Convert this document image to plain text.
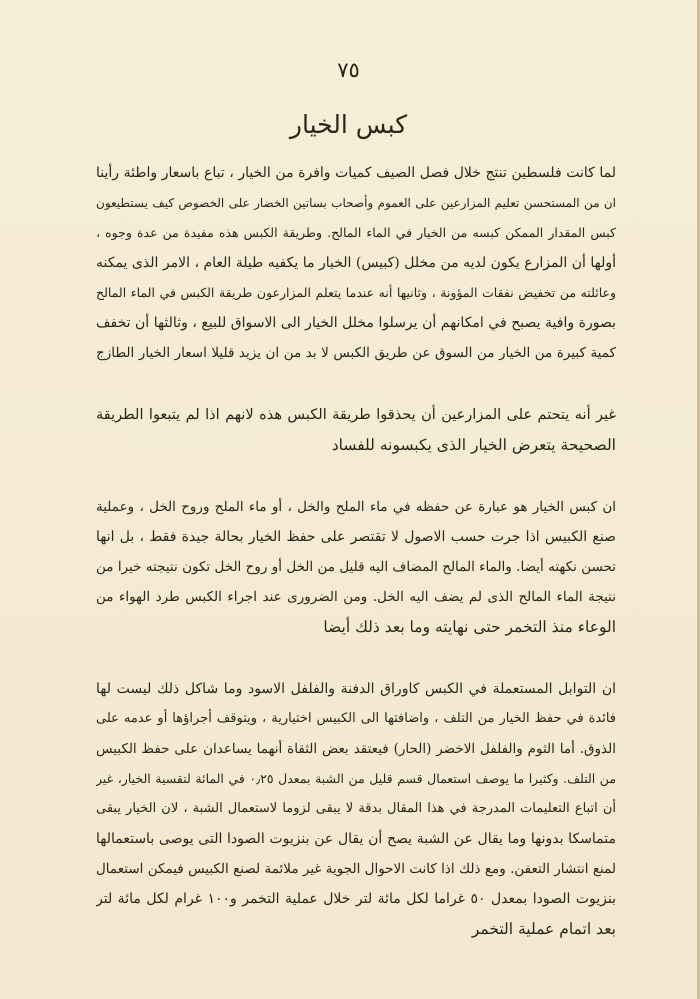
٧٥
كبس الخيار

لما كانت فلسطين تنتج خلال فصل الصيف كميات وافرة من الخيار ، تباع باسعار واطئة رأينا
ان من المستحسن تعليم المزارعين على العموم وأصحاب بساتين الخضار على الخصوص كيف يستطيعون
كبس المقدار الممكن كبسه من الخيار في الماء المالح. وطريقة الكبس هذه مفيدة من عدة وجوه ،
أولها أن المزارع يكون لديه من مخلل (كبيس) الخيار ما يكفيه طيلة العام ، الامر الذى يمكنه
وعائلته من تخفيض نفقات المؤونة ، وثانيها أنه عندما يتعلم المزارعون طريقة الكبس في الماء المالح
بصورة وافية يصبح في امكانهم أن يرسلوا مخلل الخيار الى الاسواق للبيع ، وثالثها أن تخفف
كمية كبيرة من الخيار من السوق عن طريق الكبس لا بد من ان يزيد قليلا اسعار الخيار الطازج

غير أنه يتحتم على المزارعين أن يحذقوا طريقة الكبس هذه لانهم اذا لم يتبعوا الطريقة
الصحيحة يتعرض الخيار الذى يكبسونه للفساد

ان كبس الخيار هو عبارة عن حفظه في ماء الملح والخل ، أو ماء الملح وروح الخل ، وعملية
صنع الكبيس اذا جرت حسب الاصول لا تقتصر على حفظ الخيار بحالة جيدة فقط ، بل انها
تحسن نكهته أيضا. والماء المالح المضاف اليه قليل من الخل أو روح الخل تكون نتيجته خيرا من
نتيجة الماء المالح الذى لم يضف اليه الخل. ومن الضرورى عند اجراء الكبس طرد الهواء من
الوعاء منذ التخمر حتى نهايته وما بعد ذلك أيضا

ان التوابل المستعملة في الكبس كاوراق الدفنة والفلفل الاسود وما شاكل ذلك ليست لها
فائدة في حفظ الخيار من التلف ، واضافتها الى الكبيس اختيارية ، ويتوقف أجراؤها أو عدمه على
الذوق. أما الثوم والفلفل الاخضر (الحار) فيعتقد بعض الثقاة أنهما يساعدان على حفظ الكبيس
من التلف. وكثيرا ما يوصف استعمال قسم قليل من الشبة بمعدل ٠٫٢٥ في المائة لتقسية الخيار، غير
أن اتباع التعليمات المدرجة في هذا المقال بدقة لا يبقى لزوما لاستعمال الشبة ، لان الخيار يبقى
متماسكا بدونها وما يقال عن الشبة يصح أن يقال عن بنزيوت الصودا التى يوصى باستعمالها
لمنع انتشار التعفن. ومع ذلك اذا كانت الاحوال الجوية غير ملائمة لصنع الكبيس فيمكن استعمال
بنزيوت الصودا بمعدل ٥٠ غراما لكل مائة لتر خلال عملية التخمر و١٠٠ غرام لكل مائة لتر
بعد اتمام عملية التخمر
